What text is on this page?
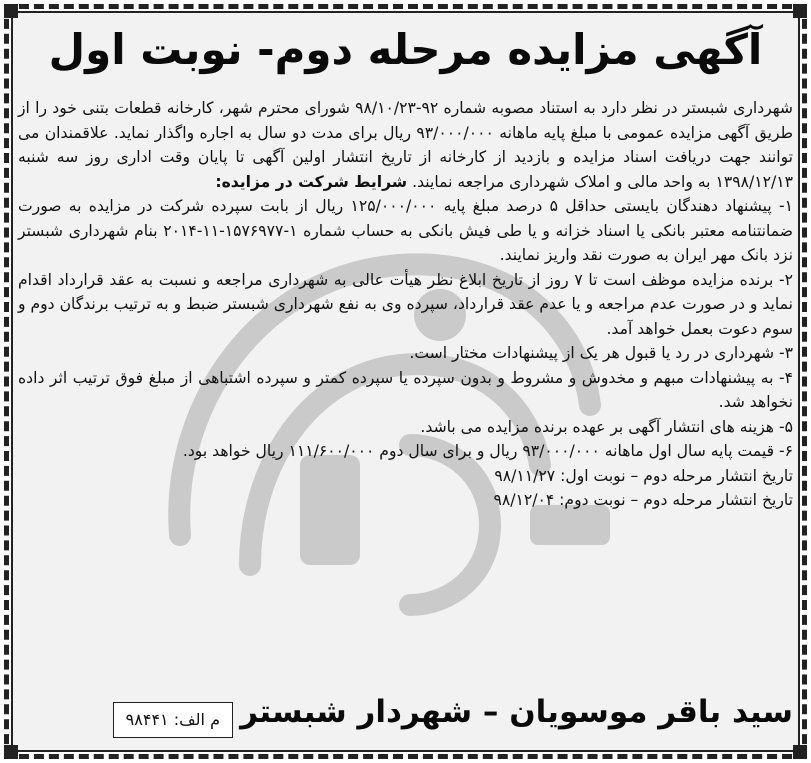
آگهی مزایده مرحله دوم- نوبت اول

شهرداری شبستر در نظر دارد به استناد مصوبه شماره ۹۲-۹۸/۱۰/۲۳ شورای محترم شهر، کارخانه قطعات بتنی خود را از طریق آگهی مزایده عمومی با مبلغ پایه ماهانه ۹۳/۰۰۰/۰۰۰ ریال برای مدت دو سال به اجاره واگذار نماید. علاقمندان می توانند جهت دریافت اسناد مزایده و بازدید از کارخانه از تاریخ انتشار اولین آگهی تا پایان وقت اداری روز سه شنبه ۱۳۹۸/۱۲/۱۳ به واحد مالی و املاک شهرداری مراجعه نمایند. شرایط شرکت در مزایده:

۱- پیشنهاد دهندگان بایستی حداقل ۵ درصد مبلغ پایه ۱۲۵/۰۰۰/۰۰۰ ریال از بابت سپرده شرکت در مزایده به صورت ضمانتنامه معتبر بانکی یا اسناد خزانه و یا طی فیش بانکی به حساب شماره ۱-۱۵۷۶۹۷۷-۱۱-۲۰۱۴ بنام شهرداری شبستر نزد بانک مهر ایران به صورت نقد واریز نمایند.

۲- برنده مزایده موظف است تا ۷ روز از تاریخ ابلاغ نظر هیأت عالی به شهرداری مراجعه و نسبت به عقد قرارداد اقدام نماید و در صورت عدم مراجعه و یا عدم عقد قرارداد، سپرده وی به نفع شهرداری شبستر ضبط و به ترتیب برندگان دوم و سوم دعوت بعمل خواهد آمد.

۳- شهرداری در رد یا قبول هر یک از پیشنهادات مختار است.

۴- به پیشنهادات مبهم و مخدوش و مشروط و بدون سپرده یا سپرده کمتر و سپرده اشتباهی از مبلغ فوق ترتیب اثر داده نخواهد شد.

۵- هزینه های انتشار آگهی بر عهده برنده مزایده می باشد.

۶- قیمت پایه سال اول ماهانه ۹۳/۰۰۰/۰۰۰ ریال و برای سال دوم ۱۱۱/۶۰۰/۰۰۰ ریال خواهد بود.

تاریخ انتشار مرحله دوم – نوبت اول: ۹۸/۱۱/۲۷

تاریخ انتشار مرحله دوم – نوبت دوم: ۹۸/۱۲/۰۴

سید باقر موسویان – شهردار شبستر
م الف: ۹۸۴۴۱
